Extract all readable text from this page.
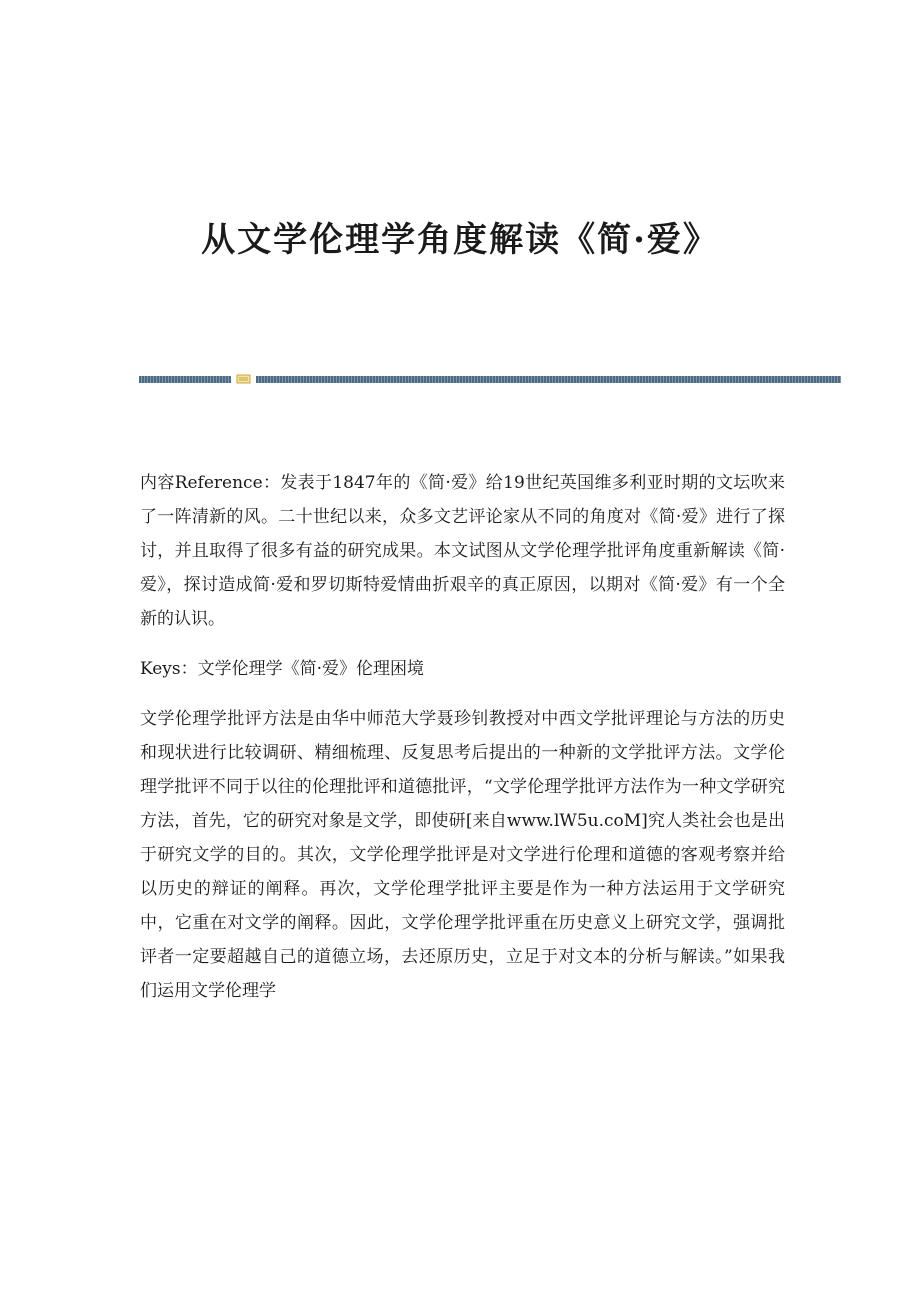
从文学伦理学角度解读《简·爱》

内容Reference：发表于1847年的《简·爱》给19世纪英国维多利亚时期的文坛吹来了一阵清新的风。二十世纪以来，众多文艺评论家从不同的角度对《简·爱》进行了探讨，并且取得了很多有益的研究成果。本文试图从文学伦理学批评角度重新解读《简·爱》，探讨造成简·爱和罗切斯特爱情曲折艰辛的真正原因，以期对《简·爱》有一个全新的认识。

Keys：文学伦理学《简·爱》伦理困境

文学伦理学批评方法是由华中师范大学聂珍钊教授对中西文学批评理论与方法的历史和现状进行比较调研、精细梳理、反复思考后提出的一种新的文学批评方法。文学伦理学批评不同于以往的伦理批评和道德批评，“文学伦理学批评方法作为一种文学研究方法，首先，它的研究对象是文学，即使研[来自www.lW5u.coM]究人类社会也是出于研究文学的目的。其次，文学伦理学批评是对文学进行伦理和道德的客观考察并给以历史的辩证的阐释。再次，文学伦理学批评主要是作为一种方法运用于文学研究中，它重在对文学的阐释。因此，文学伦理学批评重在历史意义上研究文学，强调批评者一定要超越自己的道德立场，去还原历史，立足于对文本的分析与解读。”如果我们运用文学伦理学
